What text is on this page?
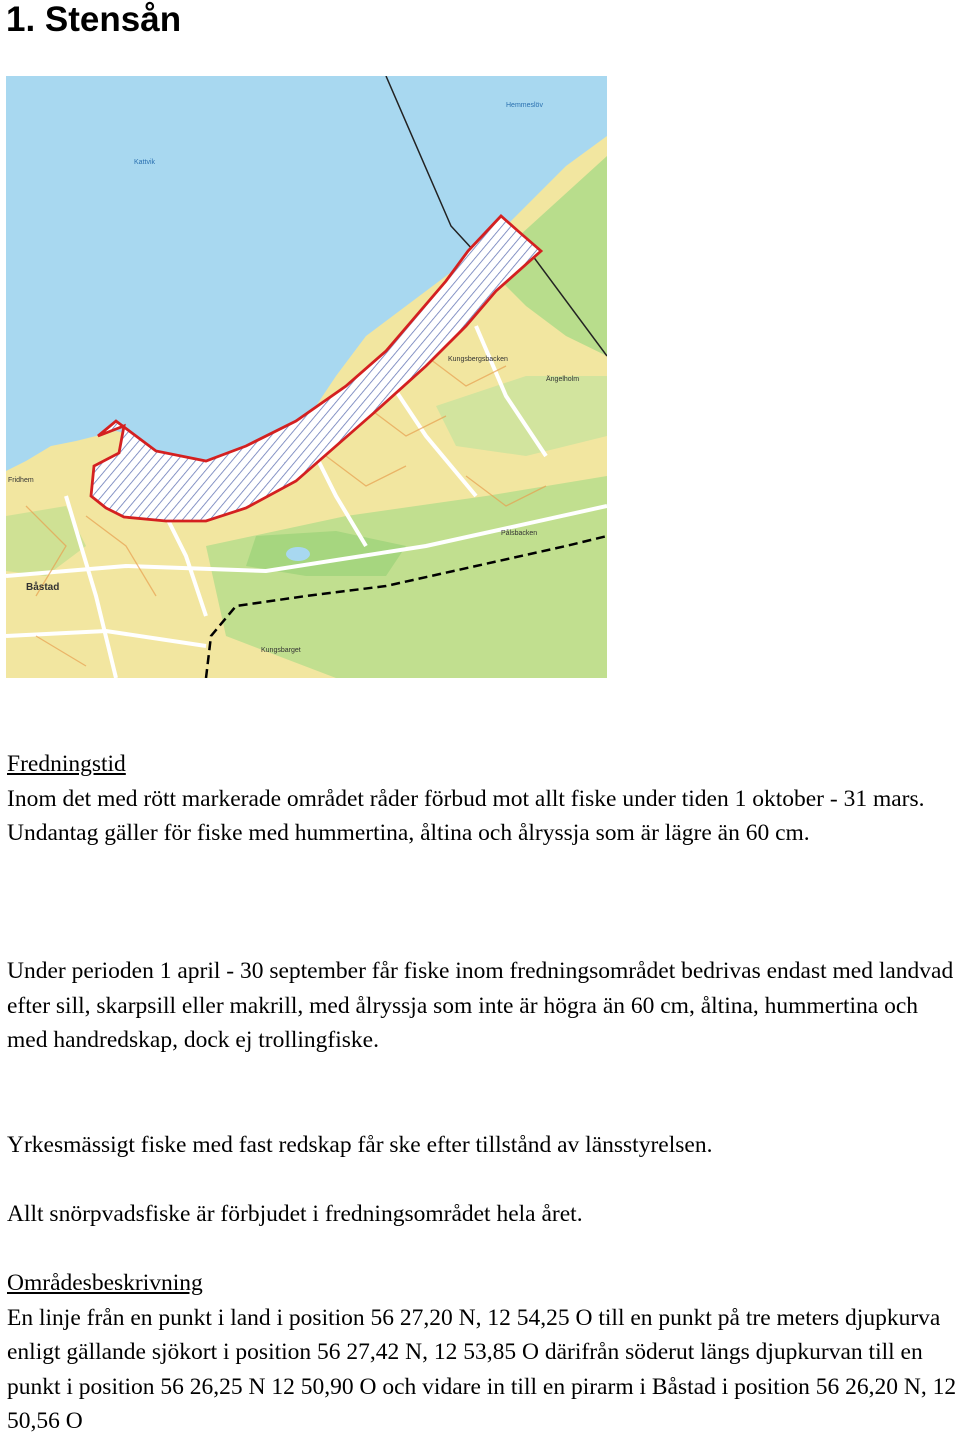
1. Stensån
Fridhem
Båstad
Kungsbergsbacken
Kattvik
Hemmeslöv
Pålsbacken
Kungsbarget
Ängelholm

Fredningstid

Inom det med rött markerade området råder förbud mot allt fiske under tiden 1 oktober - 31 mars.

Undantag gäller för fiske med hummertina, åltina och ålryssja som är lägre än 60 cm.

Under perioden 1 april - 30 september får fiske inom fredningsområdet bedrivas endast med landvad efter sill, skarpsill eller makrill, med ålryssja som inte är högra än 60 cm, åltina, hummertina och med handredskap, dock ej trollingfiske.

Yrkesmässigt fiske med fast redskap får ske efter tillstånd av länsstyrelsen.

Allt snörpvadsfiske är förbjudet i fredningsområdet hela året.

Områdesbeskrivning

En linje från en punkt i land i position 56 27,20 N, 12 54,25 O till en punkt på tre meters djupkurva enligt gällande sjökort i position 56 27,42 N, 12 53,85 O därifrån söderut längs djupkurvan till en punkt i position 56 26,25 N 12 50,90 O och vidare in till en pirarm i Båstad i position 56 26,20 N, 12 50,56 O
